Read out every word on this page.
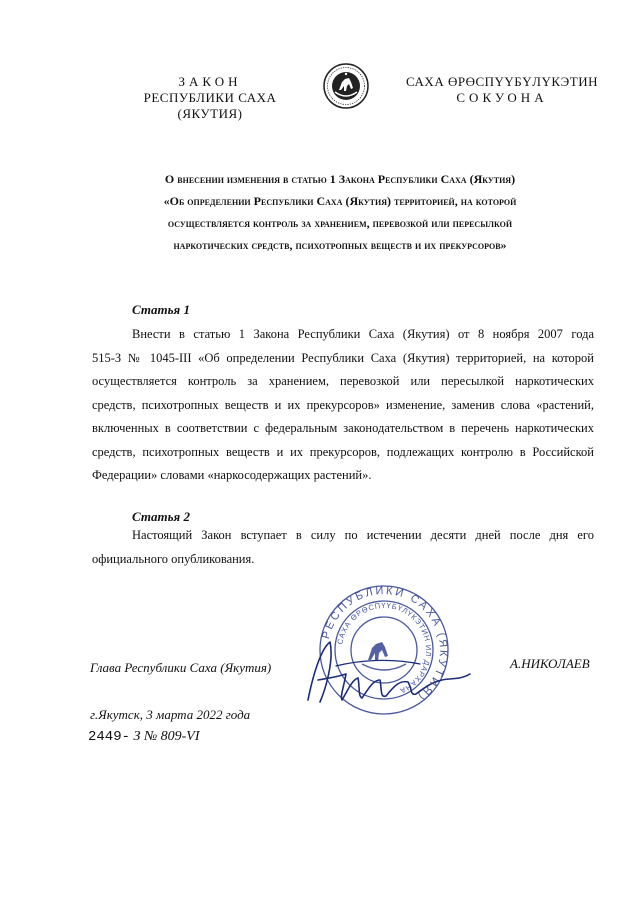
ЗАКОН
РЕСПУБЛИКИ САХА (ЯКУТИЯ)
САХА ӨРӨСПҮҮБҮЛҮКЭТИН
СОКУОНА
О внесении изменения в статью 1 Закона Республики Саха (Якутия)
«Об определении Республики Саха (Якутия) территорией, на которой
осуществляется контроль за хранением, перевозкой или пересылкой
наркотических средств, психотропных веществ и их прекурсоров»
Статья 1
Внести в статью 1 Закона Республики Саха (Якутия) от 8 ноября 2007 года
515-З № 1045-III «Об определении Республики Саха (Якутия) территорией, на которой
осуществляется контроль за хранением, перевозкой или пересылкой наркотических
средств, психотропных веществ и их прекурсоров» изменение, заменив слова «растений,
включенных в соответствии с федеральным законодательством в перечень наркотических
средств, психотропных веществ и их прекурсоров, подлежащих контролю в Российской
Федерации» словами «наркосодержащих растений».
Статья 2
Настоящий Закон вступает в силу по истечении десяти дней после дня его
официального опубликования.
РЕСПУБЛИКИ САХА (ЯКУТИЯ)
САХА ӨРӨСПҮҮБҮЛҮКЭТИН ИЛ ДАРХАНА
Глава Республики Саха (Якутия)	А.НИКОЛАЕВ
г.Якутск, 3 марта 2022 года
2449- З № 809-VI
